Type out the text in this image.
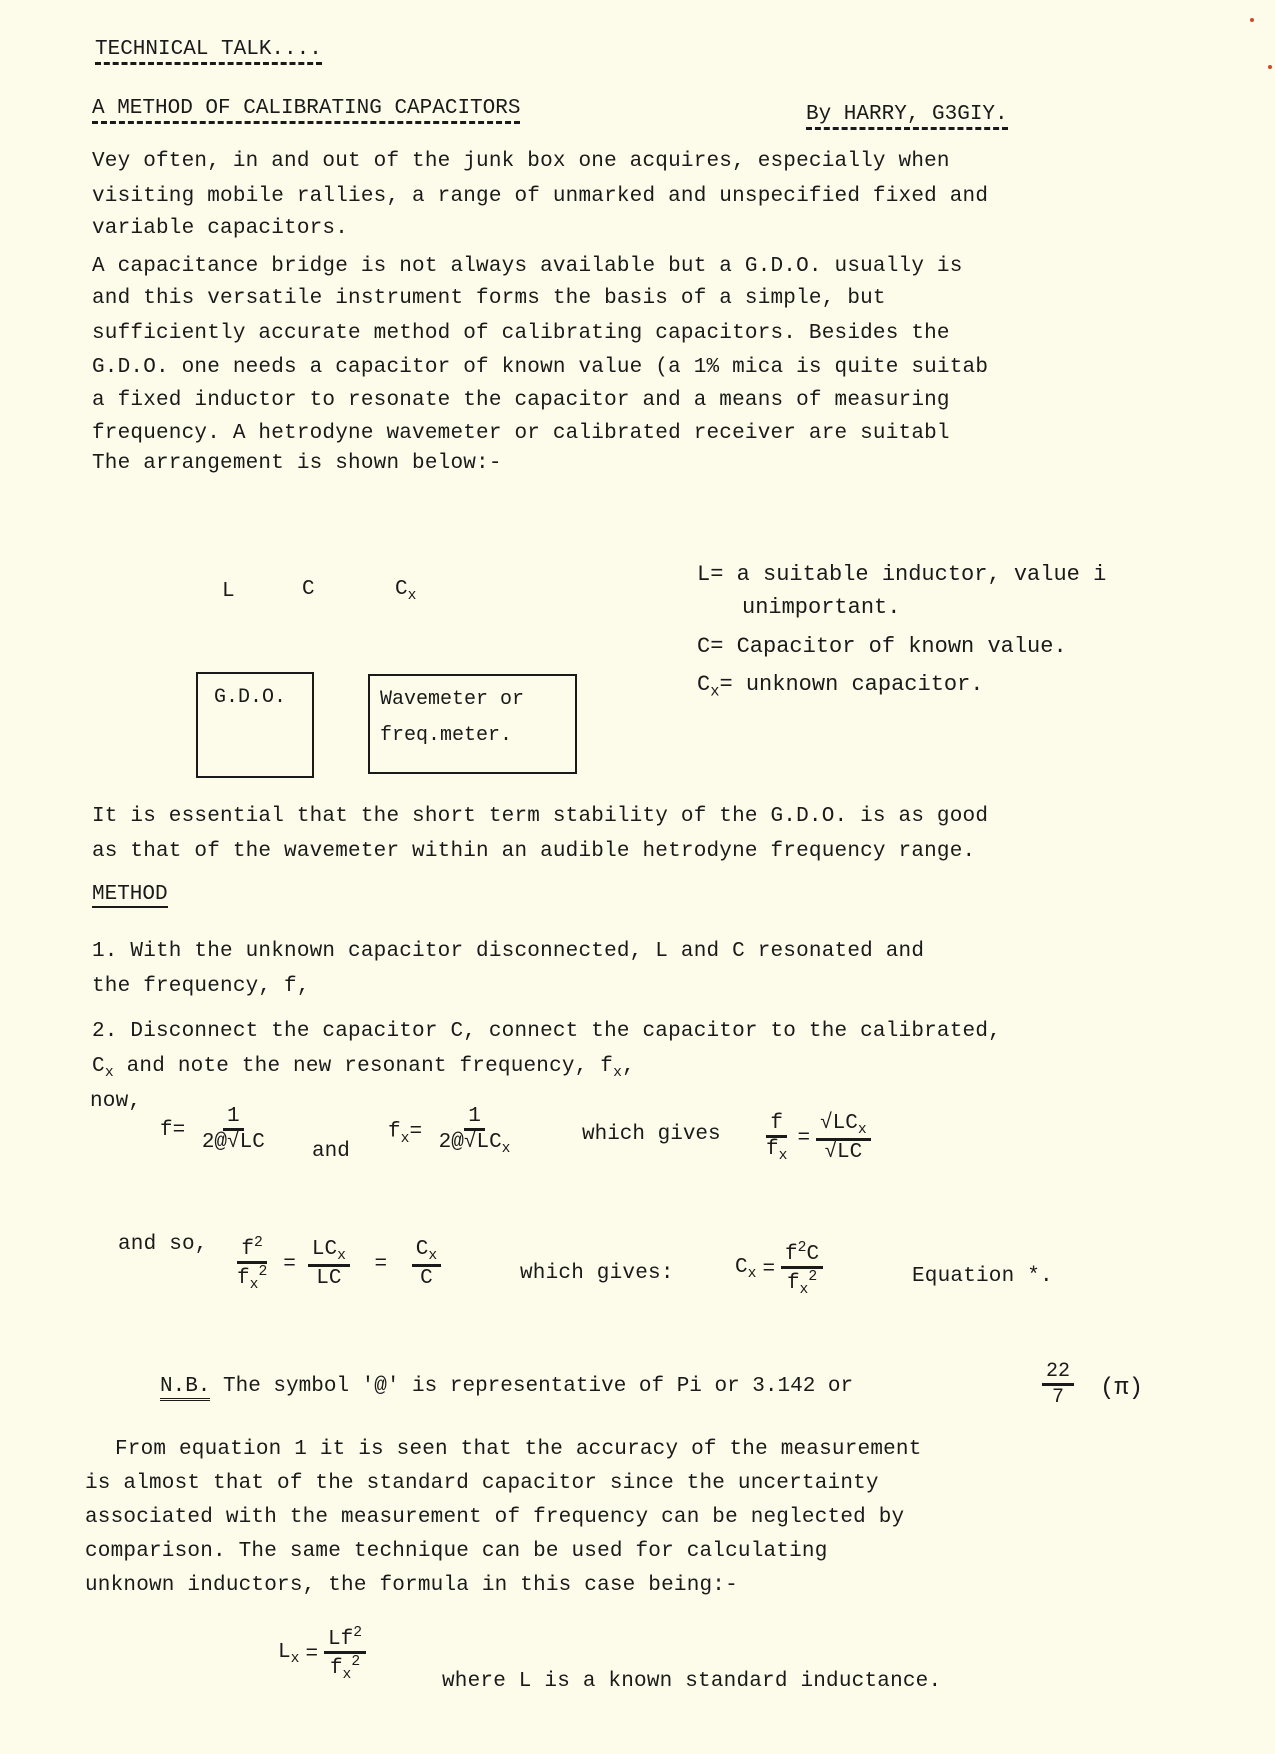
TECHNICAL TALK....
A METHOD OF CALIBRATING CAPACITORS	By HARRY, G3GIY.
Vey often, in and out of the junk box one acquires, especially when
visiting mobile rallies, a range of unmarked and unspecified fixed and
variable capacitors.
A capacitance bridge is not always available but a G.D.O. usually is
and this versatile instrument forms the basis of a simple, but
sufficiently accurate method of calibrating capacitors. Besides the
G.D.O. one needs a capacitor of known value (a 1% mica is quite suitab
a fixed inductor to resonate the capacitor and a means of measuring
frequency. A hetrodyne wavemeter or calibrated receiver are suitabl
The arrangement is shown below:-
L	C	$C_x$
G.D.O.	Wavemeter or
freq.meter.
L= a suitable inductor, value i
unimportant.
C= Capacitor of known value.
$C_x=$ unknown capacitor.
It is essential that the short term stability of the G.D.O. is as good
as that of the wavemeter within an audible hetrodyne frequency range.
METHOD
1. With the unknown capacitor disconnected, L and C resonated and
the frequency, f,
2. Disconnect the capacitor C, connect the capacitor to the calibrated,
$C_x$ and note the new resonant frequency, $f_x$,
now,
$f= \frac{1}{2@√LC}$ and
$f_x= \frac{1}{2@√LC_x}$	which gives $\frac{f}{f_x} = \frac{√LC_x}{√LC}$
and so, $\frac{f^2}{f_x^2} = \frac{LC_x}{LC} = \frac{C_x}{C}$	which gives:	$C_x = \frac{f^2C}{f_x^2}$	Equation *.
N.B. The symbol '@' is representative of Pi or 3.142 or	$\frac{22}{7} (\pi)$
From equation 1 it is seen that the accuracy of the measurement
is almost that of the standard capacitor since the uncertainty
associated with the measurement of frequency can be neglected by
comparison. The same technique can be used for calculating
unknown inductors, the formula in this case being:-
$L_x = \frac{Lf^2}{f_x^2}$	where L is a known standard inductance.
